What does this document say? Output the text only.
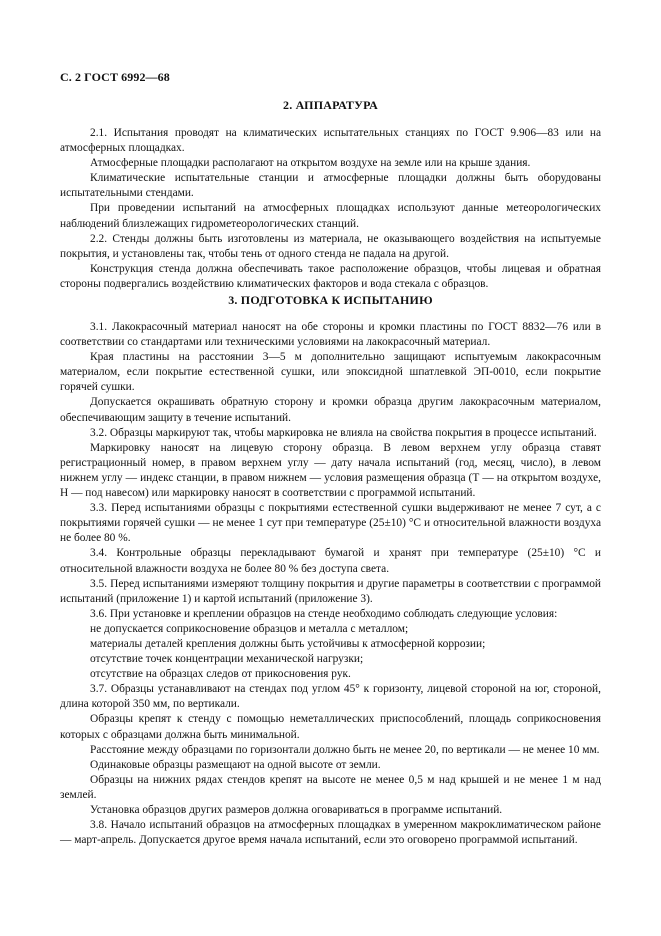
С. 2 ГОСТ 6992—68
2. АППАРАТУРА

2.1. Испытания проводят на климатических испытательных станциях по ГОСТ 9.906—83 или на атмосферных площадках.

Атмосферные площадки располагают на открытом воздухе на земле или на крыше здания.

Климатические испытательные станции и атмосферные площадки должны быть оборудованы испытательными стендами.

При проведении испытаний на атмосферных площадках используют данные метеорологических наблюдений близлежащих гидрометеорологических станций.

2.2. Стенды должны быть изготовлены из материала, не оказывающего воздействия на испытуемые покрытия, и установлены так, чтобы тень от одного стенда не падала на другой.

Конструкция стенда должна обеспечивать такое расположение образцов, чтобы лицевая и обратная стороны подвергались воздействию климатических факторов и вода стекала с образцов.

3. ПОДГОТОВКА К ИСПЫТАНИЮ

3.1. Лакокрасочный материал наносят на обе стороны и кромки пластины по ГОСТ 8832—76 или в соответствии со стандартами или техническими условиями на лакокрасочный материал.

Края пластины на расстоянии 3—5 м дополнительно защищают испытуемым лакокрасочным материалом, если покрытие естественной сушки, или эпоксидной шпатлевкой ЭП-0010, если покрытие горячей сушки.

Допускается окрашивать обратную сторону и кромки образца другим лакокрасочным материалом, обеспечивающим защиту в течение испытаний.

3.2. Образцы маркируют так, чтобы маркировка не влияла на свойства покрытия в процессе испытаний.

Маркировку наносят на лицевую сторону образца. В левом верхнем углу образца ставят регистрационный номер, в правом верхнем углу — дату начала испытаний (год, месяц, число), в левом нижнем углу — индекс станции, в правом нижнем — условия размещения образца (Т — на открытом воздухе, Н — под навесом) или маркировку наносят в соответствии с программой испытаний.

3.3. Перед испытаниями образцы с покрытиями естественной сушки выдерживают не менее 7 сут, а с покрытиями горячей сушки — не менее 1 сут при температуре (25±10) °С и относительной влажности воздуха не более 80 %.

3.4. Контрольные образцы перекладывают бумагой и хранят при температуре (25±10) °С и относительной влажности воздуха не более 80 % без доступа света.

3.5. Перед испытаниями измеряют толщину покрытия и другие параметры в соответствии с программой испытаний (приложение 1) и картой испытаний (приложение 3).

3.6. При установке и креплении образцов на стенде необходимо соблюдать следующие условия:

не допускается соприкосновение образцов и металла с металлом;

материалы деталей крепления должны быть устойчивы к атмосферной коррозии;

отсутствие точек концентрации механической нагрузки;

отсутствие на образцах следов от прикосновения рук.

3.7. Образцы устанавливают на стендах под углом 45° к горизонту, лицевой стороной на юг, стороной, длина которой 350 мм, по вертикали.

Образцы крепят к стенду с помощью неметаллических приспособлений, площадь соприкосновения которых с образцами должна быть минимальной.

Расстояние между образцами по горизонтали должно быть не менее 20, по вертикали — не менее 10 мм.

Одинаковые образцы размещают на одной высоте от земли.

Образцы на нижних рядах стендов крепят на высоте не менее 0,5 м над крышей и не менее 1 м над землей.

Установка образцов других размеров должна оговариваться в программе испытаний.

3.8. Начало испытаний образцов на атмосферных площадках в умеренном макроклиматическом районе — март-апрель. Допускается другое время начала испытаний, если это оговорено программой испытаний.
